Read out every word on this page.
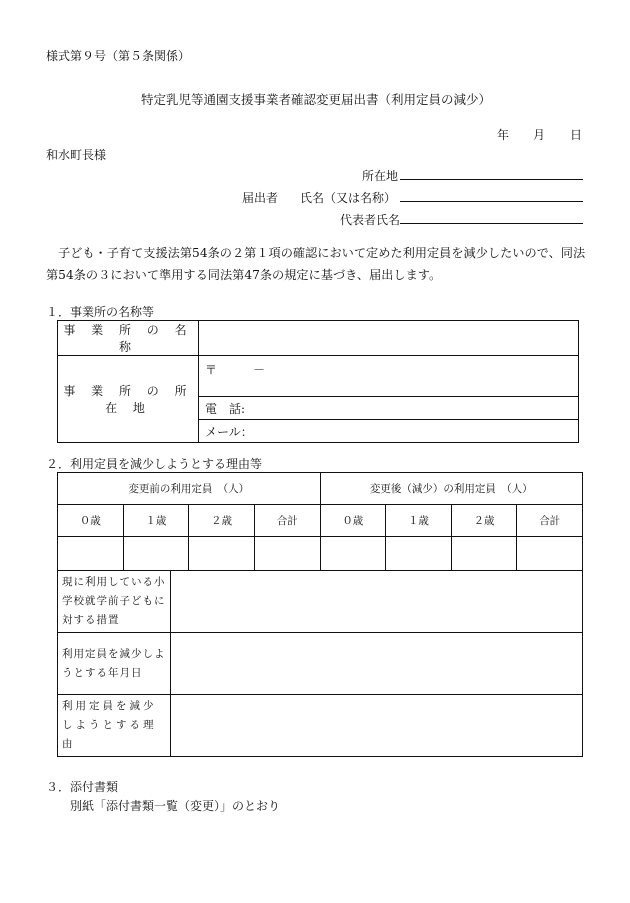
様式第９号（第５条関係）
特定乳児等通園支援事業者確認変更届出書（利用定員の減少）
年 月 日
和水町長様
所在地
届出者 氏名（又は名称）
代表者氏名
子ども・子育て支援法第54条の２第１項の確認において定めた利用定員を減少したいので、同法第54条の３において準用する同法第47条の規定に基づき、届出します。
１．事業所の名称等
事 業 所 の 名 称	
事 業 所 の 所 在 地	〒　　　－
	電　話:
	メール：
２．利用定員を減少しようとする理由等
変更前の利用定員　（人）				変更後（減少）の利用定員　（人）			
０歳	１歳	２歳	合計	０歳	１歳	２歳	合計

現に利用している小学校就学前子どもに対する措置	
利用定員を減少しようとする年月日	
利用定員を減少しようとする理由	
３．添付書類
別紙「添付書類一覧（変更）」のとおり
